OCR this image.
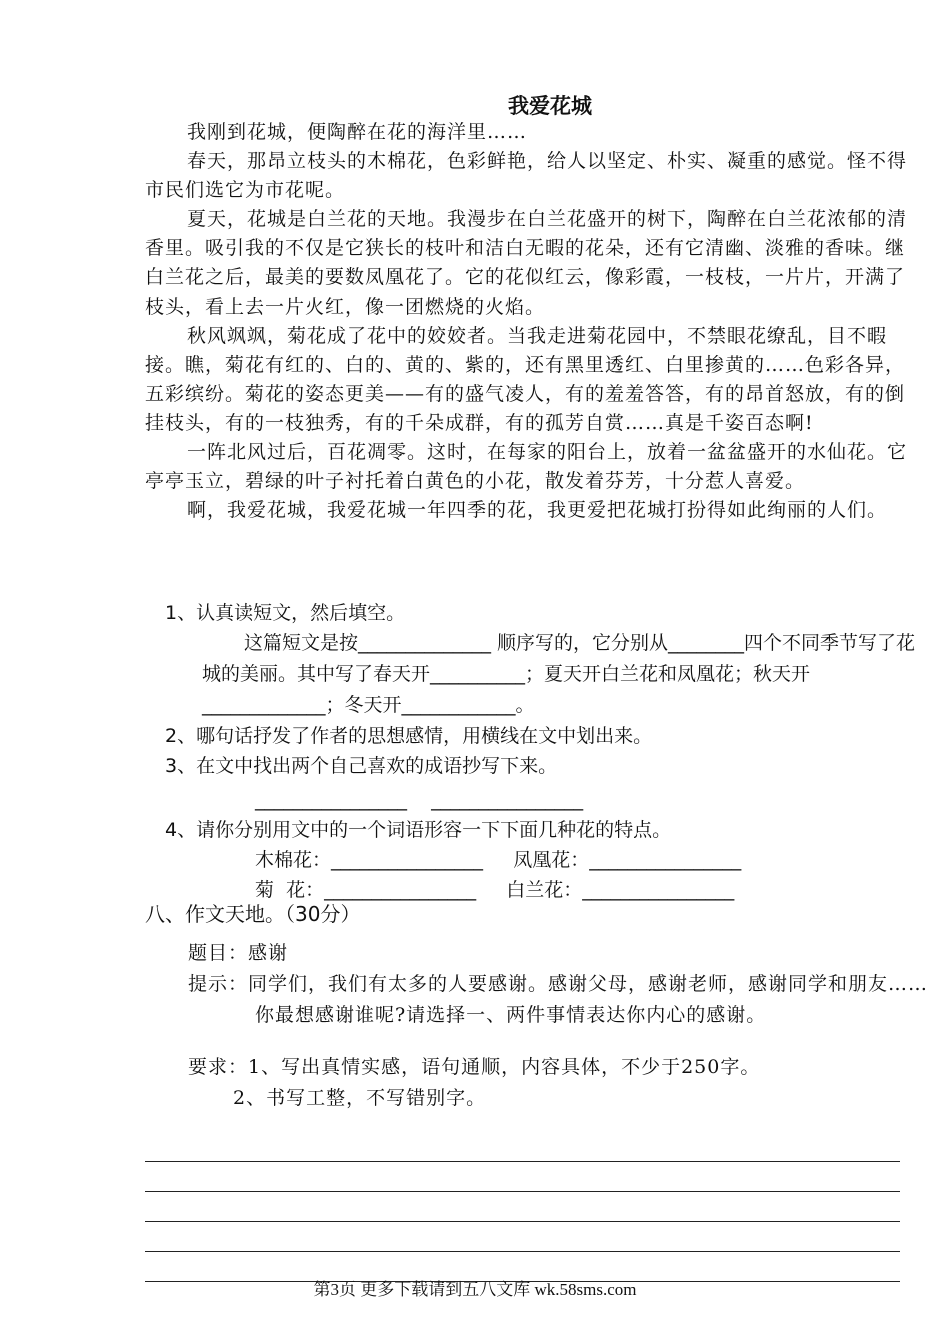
我爱花城

我刚到花城，便陶醉在花的海洋里……

春天，那昂立枝头的木棉花，色彩鲜艳，给人以坚定、朴实、凝重的感觉。怪不得市民们选它为市花呢。

夏天，花城是白兰花的天地。我漫步在白兰花盛开的树下，陶醉在白兰花浓郁的清香里。吸引我的不仅是它狭长的枝叶和洁白无暇的花朵，还有它清幽、淡雅的香味。继白兰花之后，最美的要数凤凰花了。它的花似红云，像彩霞，一枝枝，一片片，开满了枝头，看上去一片火红，像一团燃烧的火焰。

秋风飒飒，菊花成了花中的姣姣者。当我走进菊花园中，不禁眼花缭乱，目不暇接。瞧，菊花有红的、白的、黄的、紫的，还有黑里透红、白里掺黄的……色彩各异，五彩缤纷。菊花的姿态更美——有的盛气凌人，有的羞羞答答，有的昂首怒放，有的倒挂枝头，有的一枝独秀，有的千朵成群，有的孤芳自赏……真是千姿百态啊!

一阵北风过后，百花凋零。这时，在每家的阳台上，放着一盆盆盛开的水仙花。它亭亭玉立，碧绿的叶子衬托着白黄色的小花，散发着芬芳，十分惹人喜爱。

啊，我爱花城，我爱花城一年四季的花，我更爱把花城打扮得如此绚丽的人们。

1、认真读短文，然后填空。

这篇短文是按______________ 顺序写的，它分别从________四个不同季节写了花城的美丽。其中写了春天开__________；夏天开白兰花和凤凰花；秋天开_____________；冬天开____________。

2、哪句话抒发了作者的思想感情，用横线在文中划出来。

3、在文中找出两个自己喜欢的成语抄写下来。

________________    ________________

4、请你分别用文中的一个词语形容一下下面几种花的特点。

木棉花：________________     凤凰花：________________
菊  花：________________     白兰花：________________
八、作文天地。（30分）

题目：感谢

提示：同学们，我们有太多的人要感谢。感谢父母，感谢老师，感谢同学和朋友……你最想感谢谁呢?请选择一、两件事情表达你内心的感谢。

要求：1、写出真情实感，语句通顺，内容具体，不少于250字。
2、书写工整，不写错别字。
第3页 更多下载请到五八文库 wk.58sms.com
